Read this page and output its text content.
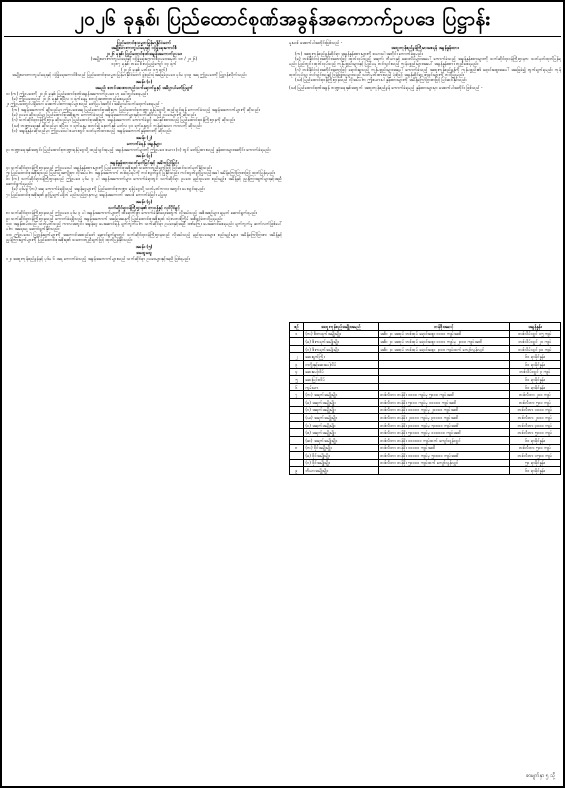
၂၀၂၆ ခုနှစ်၊ ပြည်ထောင်စုဏ်အခွန်အကောက်ဥပဒေ ပြဋ္ဌာန်း
ပြည်ထောင်စုသမ္မတမြန်မာနိုင်ငံတော်
အမျိုးသားကာကွယ်ရေးနှင့် လုံခြုံရေးကောင်စီ
၂၀၂၆ ခုနှစ်၊ ပြည်ထောင်စုဏ်အခွန်အကောက်ဥပဒေ
(အမျိုးသားကာကွယ်ရေးနှင့် လုံခြုံရေးကောင်စီဥပဒေအမှတ် ၁၈ / ၂၀၂၆)
၁၃၈၇ ခုနှစ်၊ တပေါင်းလပြည့်ကျော် ၁၃ ရက်
(၂၀၂၆ ခုနှစ်၊ မတ်လ ၁၅ ရက်)
အမျိုးသားကာကွယ်ရေးနှင့် လုံခြုံရေးကောင်စီသည် ပြည်ထောင်စုသမ္မတမြန်မာနိုင်ငံတော် ဖွဲ့စည်းပုံအခြေခံဥပဒေ ပုဒ်မ ၄၁၉ အရ ဤဥပဒေကို ပြဋ္ဌာန်းလိုက်သည်။
အခန်း (၁)
အမည်၊ စတင်အာဏာတည်သက်ရောက်မှုနှင့် အဓိပ္ပာယ်ဖော်ပြချက်
၁။ (က) ဤဥပဒေကို ၂၀၂၆ ခုနှစ်၊ ပြည်ထောင်စုဏ်အခွန်အကောက်ဥပဒေ ဟု ခေါ်တွင်စေရမည်။
(ခ) ဤဥပဒေသည် ၂၀၂၆ ခုနှစ် ဧပြီလ ၁ ရက်နေ့မှ စတင်အာဏာတည်စေရမည်။
၂။ ဤဥပဒေတွင်ပါရှိသော အောက်ပါစကားရပ်များသည် ဖော်ပြပါအတိုင်း အဓိပ္ပာယ်သက်ရောက်စေရမည် -
(က) အခွန်အကောက် ဆိုသည်မှာ ဤဥပဒေအရ ပြည်ထောင်စုအစိုးရက ပြည်ထောင်စုဘဏ္ဍာ ရန်ပုံငွေသို့ ထည့်သွင်းရန် ကောက်ခံသည့် အခွန်အကောက်များကို ဆိုသည်။
(ခ) ဥပဒေ ဆိုသည်မှာ ပြည်ထောင်စုအစိုးရက ကောက်ခံသည့် အခွန်အကောက်များနှင့်သက်ဆိုင်သည့် ဥပဒေများကို ဆိုသည်။
(ဂ) သက်ဆိုင်ရာဝန်ကြီးဌာန ဆိုသည်မှာ ပြည်ထောင်စုအစိုးရက အခွန်အကောက် ကောက်ခံခွင့် အပ်နှင်းထားသည့် ပြည်ထောင်စုဝန်ကြီးဌာနကို ဆိုသည်။
(ဃ) ဘဏ္ဍာရေးနှစ် ဆိုသည်မှာ ဧပြီလ ၁ ရက်နေ့မှ စတင်၍ နောက်နှစ် မတ်လ ၃၁ ရက်နေ့တွင် ကုန်ဆုံးသော ကာလကို ဆိုသည်။
(င) အခွန်နှုန်း ဆိုသည်မှာ ဤဥပဒေပါ ဇယားတွင် သတ်မှတ်ထားသည့် အခွန်အကောက်နှုန်းထားကို ဆိုသည်။
အခန်း (၂)
ကောက်ခံရန် အခွန်များ
၃။ ဘဏ္ဍာရေးနှစ်အတွင်း ပြည်ထောင်စုဘဏ္ဍာရန်ပုံငွေသို့ ထည့်သွင်းရမည့် အခွန်အကောက်များကို ဤဥပဒေ ဇယား (၁) တွင် ဖော်ပြထားသည့် နှုန်းထားများအတိုင်း ကောက်ခံရမည်။
အခန်း (၃)
အခွန်နှုန်းထားသတ်မှတ်ခြင်းနှင့် အဓိကပြင်ခြင်း
၄။ သက်ဆိုင်ရာဝန်ကြီးဌာနသည် ဤဥပဒေပါ အခွန်နှုန်းထားများကို ပြည်ထောင်စုအစိုးရ၏ သဘောတူညီချက်ဖြင့် ပြင်ဆင်သတ်မှတ်နိုင်သည်။
၅။ ပြည်ထောင်စုအစိုးရသည် ပြည်သူ့အကျိုးငှာ လိုအပ်ပါက အခွန်အကောက် တစ်ရပ်ရပ်ကို ကင်းလွတ်ခွင့် ပြုနိုင်သည်။ ကင်းလွတ်ခွင့်ပြုသည့်အခါ အမိန့်ကြော်ငြာစာဖြင့် ထုတ်ပြန်ရမည်။
၆။ (က) သက်ဆိုင်ရာဝန်ကြီးဌာနသည် ဤဥပဒေ ပုဒ်မ ၃ ပါ အခွန်အကောက်များ ကောက်ခံရာတွင် သက်ဆိုင်ရာ ဥပဒေ၊ နည်းဥပဒေ၊ စည်းမျဉ်း၊ အမိန့်နှင့် ညွှန်ကြားချက်များနှင့်အညီ ဆောင်ရွက်ရမည်။
(ခ) ပုဒ်မခွဲ (က) အရ ကောက်ခံရရှိသည့် အခွန်ငွေများကို ပြည်ထောင်စုဘဏ္ဍာ ရန်ပုံငွေသို့ သတ်မှတ်ကာလအတွင်း ပေးသွင်းရမည်။
၇။ ပြည်ထောင်စုအစိုးရ၏ ခွင့်ပြုချက်မရှိဘဲ မည်သည့်ဌာနကမျှ အခွန်အကောက် အသစ် ကောက်ခံခြင်း မပြုရ။
အခန်း (၄)
သက်ဆိုင်ရာဝန်ကြီးဌာန၏ တာဝန်နှင့် လုပ်ပိုင်ခွင့်
၈။ သက်ဆိုင်ရာဝန်ကြီးဌာနသည် ဤဥပဒေ ပုဒ်မ ၃ ပါ အခွန်အကောက်များကို ထိရောက်စွာ ကောက်ခံနိုင်ရေးအတွက် လိုအပ်သည့် အစီအစဉ်များ ချမှတ် ဆောင်ရွက်ရမည်။
၉။ သက်ဆိုင်ရာဝန်ကြီးဌာနသည် ကောက်ခံရရှိသည့် အခွန်အကောက် အခြေအနေကို ပြည်ထောင်စုအစိုးရထံ သုံးလတစ်ကြိမ် အစီရင်ခံတင်ပြရမည်။
၁၀။ အခွန်ထမ်းသည် သတ်မှတ်သည့် ကာလအတွင်း အခွန်ငွေ ပေးဆောင်ရန် ပျက်ကွက်ပါက သက်ဆိုင်ရာ ဥပဒေနှင့်အညီ ဒဏ်ကြေး ပေးဆောင်စေရမည်။ ပျက်ကွက်မှု ဆက်လက်ဖြစ်ပေါ်ပါက အရေးယူ ဆောင်ရွက်နိုင်သည်။
၁၁။ ဤဥပဒေပါ ပြဋ္ဌာန်းချက်များကို အကောင်အထည်ဖော် ဆောင်ရွက်ရာတွင် သက်ဆိုင်ရာဝန်ကြီးဌာနသည် လိုအပ်သည့် နည်းဥပဒေများ၊ စည်းမျဉ်းများ၊ အမိန့်ကြော်ငြာစာ၊ အမိန့်နှင့် ညွှန်ကြားချက်များကို ပြည်ထောင်စုအစိုးရ၏ သဘောတူညီချက်ဖြင့် ထုတ်ပြန်နိုင်သည်။
အခန်း (၅)
အထွေထွေ
၁၂။ အထူးကုန်စည်ခွန်နှင့် ပုဒ်မ ၆ အရ ကောက်ခံသည့် အခွန်အကောက်များသည် သက်ဆိုင်ရာ ဥပဒေများနှင့်အညီ ဖြစ်ရမည်။
မူးယစ် အောက်ပါအတိုင်းဖြစ်သည် -
အထူးကုန်စည်ခွန်ကြီးမားစေရန် အခွန်နှုန်းထား
(က) အထူးကုန်စည်ခွန်ဆိုင်ရာ အခွန်နှုန်းထားများကို ဇယားပါ အတိုင်း ကောက်ခံရမည်။
(ခ) တစ်နိုင်ငံလုံးအတိုင်းအတာဖြင့် ထုတ်လုပ်သည့် အရက်၊ ဘီယာနှင့် ဆေးလိပ်များအပေါ် ကောက်ခံသည့် အခွန်နှုန်းထားများကို သက်ဆိုင်ရာဝန်ကြီးဌာနက သတ်မှတ်ထုတ်ပြန်ရမည်။ ပြည်တွင်း ထုတ်လုပ်သည့် ကုန်ပစ္စည်းများနှင့် ပြည်ပမှ တင်သွင်းသည့် ကုန်ပစ္စည်းများအပေါ် အခွန်နှုန်းထား တူညီစေရမည်။
(ဂ) တစ်နိုင်ငံလုံးအတိုင်းအတာဖြင့် ရောင်းချသည့် ကုန်ပစ္စည်းများအပေါ် ကောက်ခံသည့် အထူးကုန်စည်ခွန်ကို ကုန်ပစ္စည်း၏ ရောင်းဈေးအပေါ် အခြေခံ၍ တွက်ချက်ရမည်။ ကုန်ထုတ်လုပ်သူ၊ တင်သွင်းသူနှင့် ဖြန့်ဖြူးသူများသည် သတ်မှတ်ထားသည့် ပုံစံဖြင့် အခွန်ဆိုင်ရာ စာရင်းများကို တင်ပြရမည်။
(ဃ) ပြည်ထောင်စုဝန်ကြီးဌာနသည် လိုအပ်ပါက ဤဇယားပါ နှုန်းထားများကို အမိန့်ကြော်ငြာစာဖြင့် ပြင်ဆင်နိုင်သည်။
(ဃ) ပြည်ထောင်စုဏ်အခွန် ဘဏ္ဍာရေးနှစ်အတွက် အထူးကုန်စည်ခွန် ကောက်ခံရမည့် နှုန်းထားများမှာ အောက်ပါအတိုင်း ဖြစ်သည် -
စဉ်	အထူးကုန်စည်အမျိုးအမည်	တန်ဖိုးအဆင့်	အခွန်နှုန်း
၁	(က) စီးကရက်အမျိုးမျိုး	အစီး ၂၀ အထုပ် တစ်ထုပ် ရောင်းဈေး ၁၀၀၀ ကျပ်အထိ	တစ်လိပ်လျှင် ၁၅ ကျပ်
	(ခ) စီးကရက်အမျိုးမျိုး	အစီး ၂၀ အထုပ် တစ်ထုပ် ရောင်းဈေး ၁၀၀၁ ကျပ်မှ ၂၀၀၀ ကျပ်အထိ	တစ်လိပ်လျှင် ၂၀ ကျပ်
	(ဂ) စီးကရက်အမျိုးမျိုး	အစီး ၂၀ အထုပ် တစ်ထုပ် ရောင်းဈေး ၂၀၀၀ ကျပ်ထက် ကျော်လွန်လျှင်	တစ်လိပ်လျှင် ၃၀ ကျပ်
၂	ဆေးရွက်ကြီး		၆၀ ရာခိုင်နှုန်း
၃	ဗာဂျီးနှင့်ဆေးပေါ့လိပ်		၆၀ ရာခိုင်နှုန်း
၄	ဆေးပေါ့လိပ်		တစ်လိပ်လျှင် ၃ ကျပ်
၅	ဆေးပြင်းလိပ်		၆၀ ရာခိုင်နှုန်း
၆	ကွမ်းယာ		၆၀ ရာခိုင်နှုန်း
၇	(က) အရက်အမျိုးမျိုး	တစ်လီတာ တန်ဖိုး ၁၀၀၀ ကျပ်မှ ၅၀၀၀ ကျပ်အထိ	တစ်လီတာ ၂၀၀ ကျပ်
	(ခ) အရက်အမျိုးမျိုး	တစ်လီတာ တန်ဖိုး ၅၀၀၁ ကျပ်မှ ၁၀၀၀၀ ကျပ်အထိ	တစ်လီတာ ၅၀၀ ကျပ်
	(ဂ) အရက်အမျိုးမျိုး	တစ်လီတာ တန်ဖိုး ၁၀၀၀၁ ကျပ်မှ ၂၀၀၀၀ ကျပ်အထိ	တစ်လီတာ ၁၀၀၀ ကျပ်
	(ဃ) အရက်အမျိုးမျိုး	တစ်လီတာ တန်ဖိုး ၂၀၀၀၁ ကျပ်မှ ၃၀၀၀၀ ကျပ်အထိ	တစ်လီတာ ၂၀၀၀ ကျပ်
	(င) အရက်အမျိုးမျိုး	တစ်လီတာ တန်ဖိုး ၃၀၀၀၁ ကျပ်မှ ၅၀၀၀၀ ကျပ်အထိ	တစ်လီတာ ၃၀၀၀ ကျပ်
	(စ) အရက်အမျိုးမျိုး	တစ်လီတာ တန်ဖိုး ၅၀၀၀၁ ကျပ်မှ ၁၀၀၀၀၀ ကျပ်အထိ	တစ်လီတာ ၅၀၀၀ ကျပ်
	(ဆ) အရက်အမျိုးမျိုး	တစ်လီတာ တန်ဖိုး ၁၀၀၀၀၀ ကျပ်ထက် ကျော်လွန်လျှင်	၆၀ ရာခိုင်နှုန်း
၈	(က) ဝိုင်အမျိုးမျိုး	တစ်လီတာ တန်ဖိုး ၁၀၀၀၀ ကျပ်အထိ	တစ်လီတာ ၅၀၀ ကျပ်
	(ခ) ဝိုင်အမျိုးမျိုး	တစ်လီတာ တန်ဖိုး ၁၀၀၀၁ ကျပ်မှ ၅၀၀၀၀ ကျပ်အထိ	တစ်လီတာ ၁၅၀၀ ကျပ်
	(ဂ) ဝိုင်အမျိုးမျိုး	တစ်လီတာ တန်ဖိုး ၅၀၀၀၀ ကျပ်ထက် ကျော်လွန်လျှင်	၅၀ ရာခိုင်နှုန်း
၉	ဘီယာအမျိုးမျိုး		၆၀ ရာခိုင်နှုန်း
စာမျက်နှာ ၅ သို့
